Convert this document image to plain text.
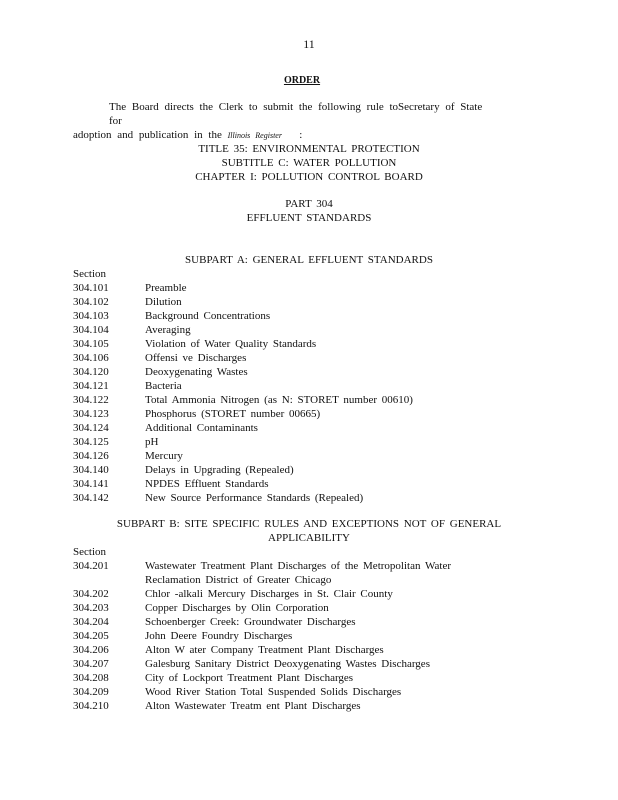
11
ORDER
The Board directs the Clerk to submit the following rule toSecretary of State for
adoption and publication in the Illinois Register :
TITLE 35: ENVIRONMENTAL PROTECTION
SUBTITLE C: WATER POLLUTION
CHAPTER I: POLLUTION CONTROL BOARD
PART 304
EFFLUENT STANDARDS
SUBPART A: GENERAL EFFLUENT STANDARDS
Section
304.101	Preamble
304.102	Dilution
304.103	Background Concentrations
304.104	Averaging
304.105	Violation of Water Quality Standards
304.106	Offensi ve Discharges
304.120	Deoxygenating Wastes
304.121	Bacteria
304.122	Total Ammonia Nitrogen (as N: STORET number 00610)
304.123	Phosphorus (STORET number 00665)
304.124	Additional Contaminants
304.125	pH
304.126	Mercury
304.140	Delays in Upgrading (Repealed)
304.141	NPDES Effluent Standards
304.142	New Source Performance Standards (Repealed)
SUBPART B: SITE SPECIFIC RULES AND EXCEPTIONS NOT OF GENERAL
APPLICABILITY
Section
304.201	Wastewater Treatment Plant Discharges of the Metropolitan Water
Reclamation District of Greater Chicago
304.202	Chlor -alkali Mercury Discharges in St. Clair County
304.203	Copper Discharges by Olin Corporation
304.204	Schoenberger Creek: Groundwater Discharges
304.205	John Deere Foundry Discharges
304.206	Alton W ater Company Treatment Plant Discharges
304.207	Galesburg Sanitary District Deoxygenating Wastes Discharges
304.208	City of Lockport Treatment Plant Discharges
304.209	Wood River Station Total Suspended Solids Discharges
304.210	Alton Wastewater Treatm ent Plant Discharges
